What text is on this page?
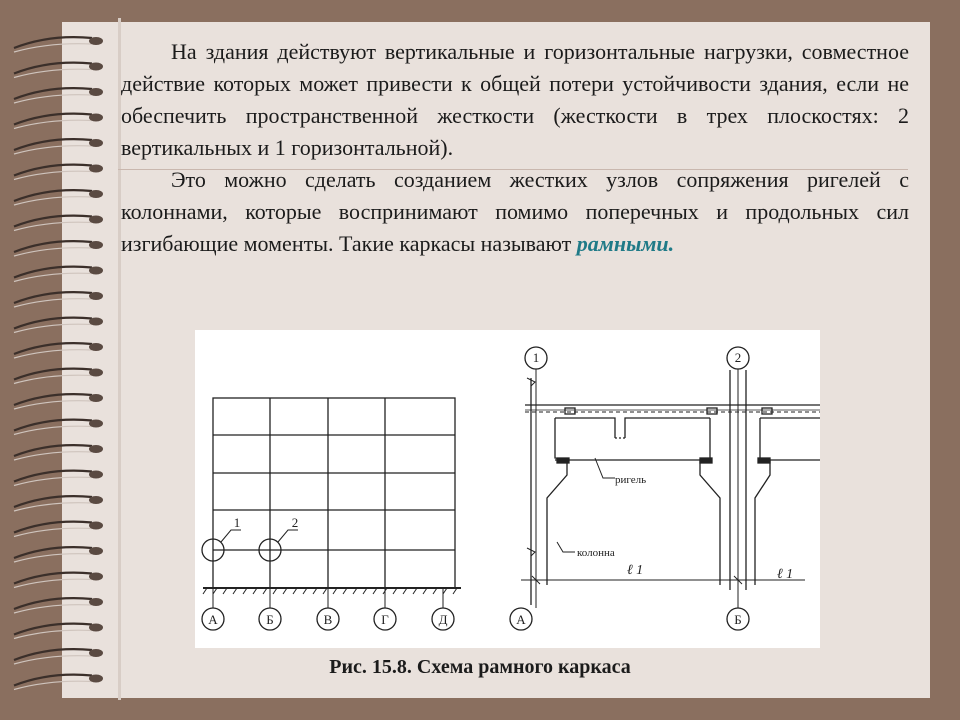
На здания действуют вертикальные и горизонтальные нагрузки, совместное действие которых может привести к общей потери устойчивости здания, если не обеспечить пространственной жесткости (жесткости в трех плоскостях: 2 вертикальных и 1 горизонтальной).

Это можно сделать созданием жестких узлов сопряжения ригелей с колоннами, которые воспринимают помимо поперечных и продольных сил изгибающие моменты. Такие каркасы называют рамными.

1	2
А	Б	В	Г	Д
1	2
А	Б
ригель
колонна
ℓ 1	ℓ 1
Рис. 15.8. Схема рамного каркаса
